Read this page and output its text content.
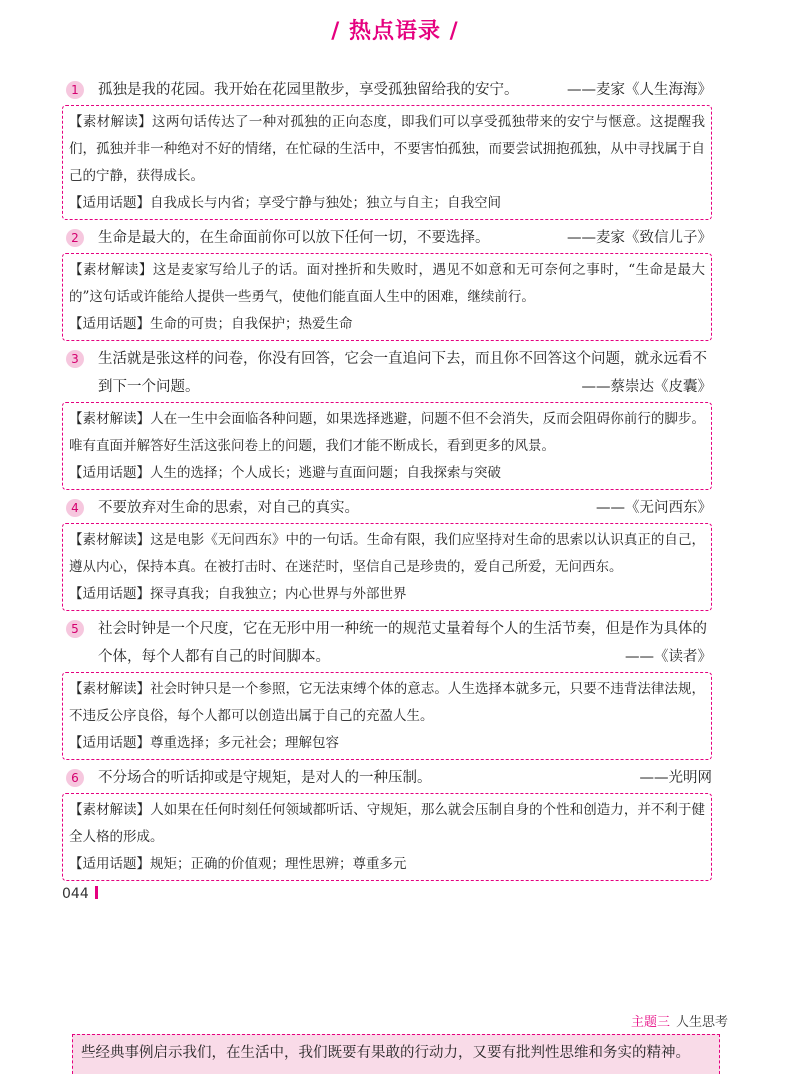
/ 热点语录 /
1	孤独是我的花园。我开始在花园里散步，享受孤独留给我的安宁。	——麦家《人生海海》
【素材解读】这两句话传达了一种对孤独的正向态度，即我们可以享受孤独带来的安宁与惬意。这提醒我们，孤独并非一种绝对不好的情绪，在忙碌的生活中，不要害怕孤独，而要尝试拥抱孤独，从中寻找属于自己的宁静，获得成长。
【适用话题】自我成长与内省；享受宁静与独处；独立与自主；自我空间
2	生命是最大的，在生命面前你可以放下任何一切，不要选择。	——麦家《致信儿子》
【素材解读】这是麦家写给儿子的话。面对挫折和失败时，遇见不如意和无可奈何之事时，“生命是最大的”这句话或许能给人提供一些勇气，使他们能直面人生中的困难，继续前行。
【适用话题】生命的可贵；自我保护；热爱生命
3	生活就是张这样的问卷，你没有回答，它会一直追问下去，而且你不回答这个问题，就永远看不到下一个问题。	——蔡崇达《皮囊》
【素材解读】人在一生中会面临各种问题，如果选择逃避，问题不但不会消失，反而会阻碍你前行的脚步。唯有直面并解答好生活这张问卷上的问题，我们才能不断成长，看到更多的风景。
【适用话题】人生的选择；个人成长；逃避与直面问题；自我探索与突破
4	不要放弃对生命的思索，对自己的真实。	——《无问西东》
【素材解读】这是电影《无问西东》中的一句话。生命有限，我们应坚持对生命的思索以认识真正的自己，遵从内心，保持本真。在被打击时、在迷茫时，坚信自己是珍贵的，爱自己所爱，无问西东。
【适用话题】探寻真我；自我独立；内心世界与外部世界
5	社会时钟是一个尺度，它在无形中用一种统一的规范丈量着每个人的生活节奏，但是作为具体的个体，每个人都有自己的时间脚本。	——《读者》
【素材解读】社会时钟只是一个参照，它无法束缚个体的意志。人生选择本就多元，只要不违背法律法规，不违反公序良俗，每个人都可以创造出属于自己的充盈人生。
【适用话题】尊重选择；多元社会；理解包容
6	不分场合的听话抑或是守规矩，是对人的一种压制。	——光明网
【素材解读】人如果在任何时刻任何领域都听话、守规矩，那么就会压制自身的个性和创造力，并不利于健全人格的形成。
【适用话题】规矩；正确的价值观；理性思辨；尊重多元
044
主题三 人生思考
些经典事例启示我们，在生活中，我们既要有果敢的行动力，又要有批判性思维和务实的精神。
